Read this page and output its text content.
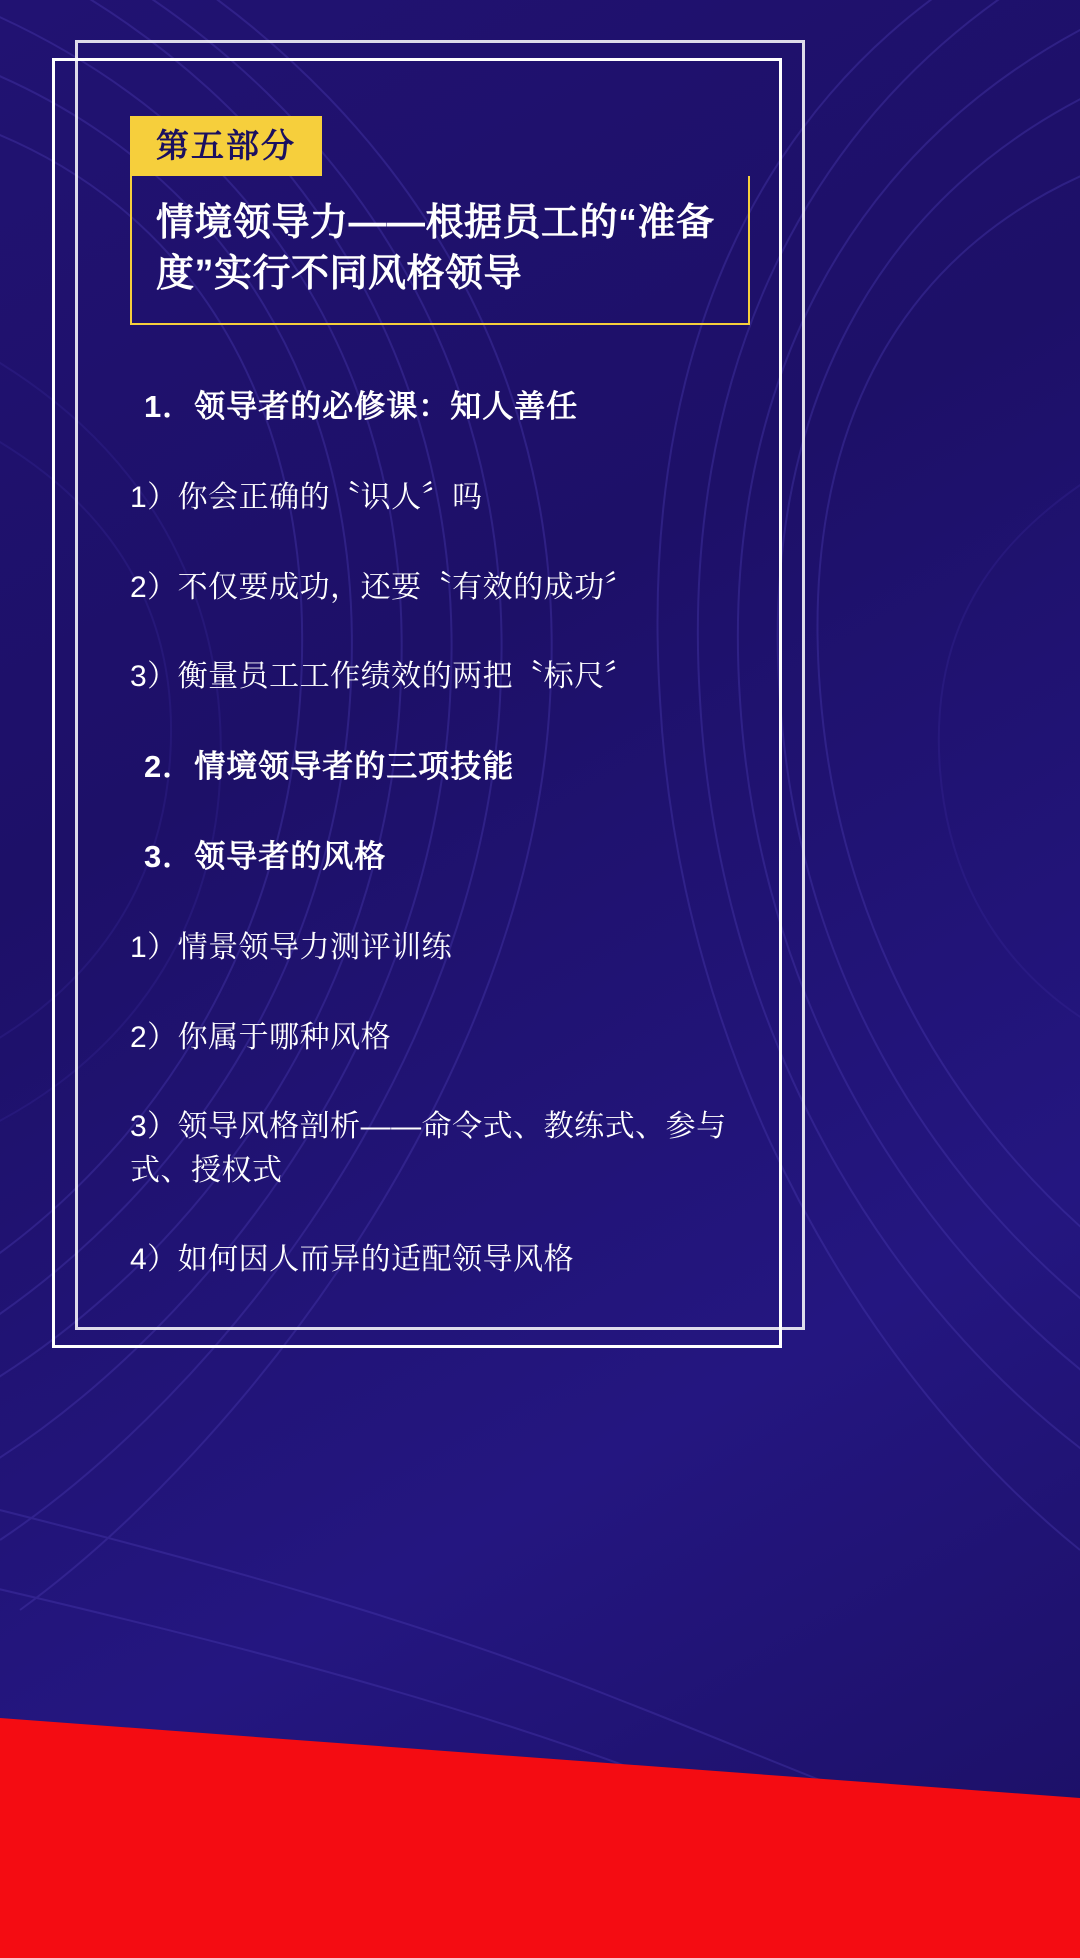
第五部分

情境领导力——根据员工的“准备度”实行不同风格领导

1．领导者的必修课：知人善任

1）你会正确的〝识人〞吗

2）不仅要成功，还要〝有效的成功〞

3）衡量员工工作绩效的两把〝标尺〞

2．情境领导者的三项技能

3．领导者的风格

1）情景领导力测评训练

2）你属于哪种风格

3）领导风格剖析——命令式、教练式、参与式、授权式

4）如何因人而异的适配领导风格
